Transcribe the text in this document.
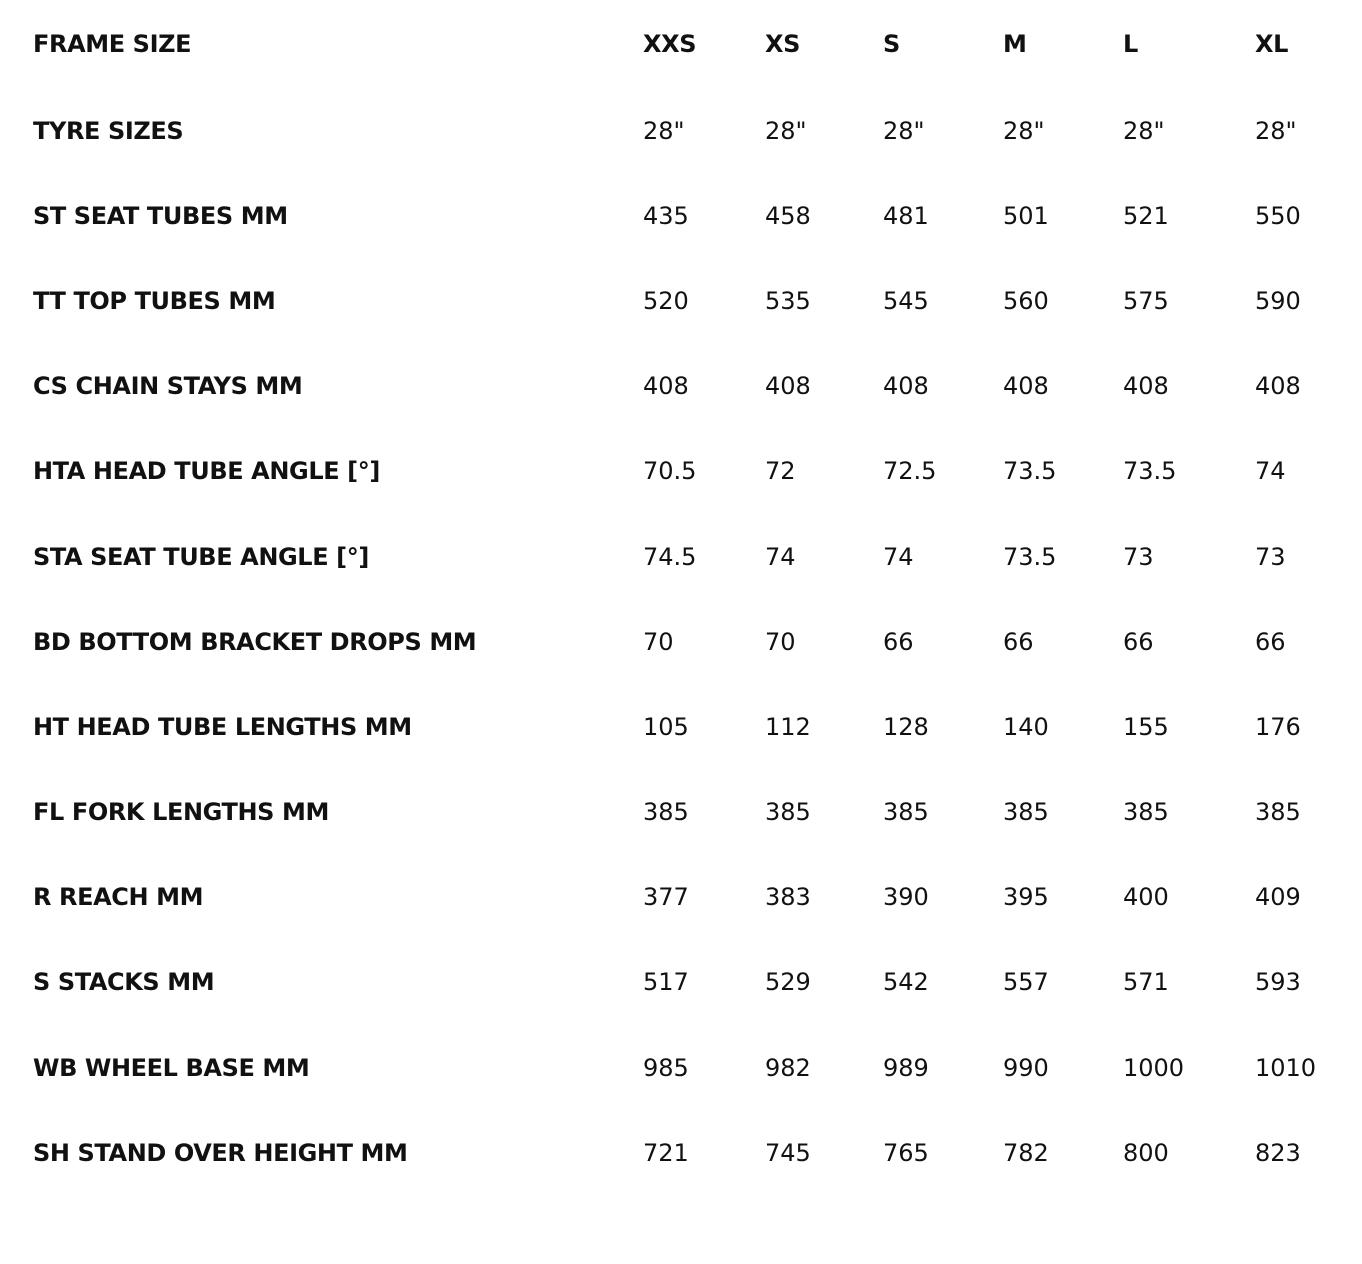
FRAME SIZE	XXS	XS	S	M	L	XL
TYRE SIZES	28"	28"	28"	28"	28"	28"
ST SEAT TUBES MM	435	458	481	501	521	550
TT TOP TUBES MM	520	535	545	560	575	590
CS CHAIN STAYS MM	408	408	408	408	408	408
HTA HEAD TUBE ANGLE [°]	70.5	72	72.5	73.5	73.5	74
STA SEAT TUBE ANGLE [°]	74.5	74	74	73.5	73	73
BD BOTTOM BRACKET DROPS MM	70	70	66	66	66	66
HT HEAD TUBE LENGTHS MM	105	112	128	140	155	176
FL FORK LENGTHS MM	385	385	385	385	385	385
R REACH MM	377	383	390	395	400	409
S STACKS MM	517	529	542	557	571	593
WB WHEEL BASE MM	985	982	989	990	1000	1010
SH STAND OVER HEIGHT MM	721	745	765	782	800	823
